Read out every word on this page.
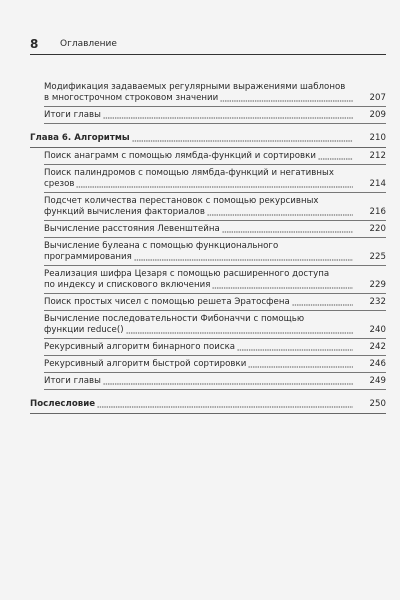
8 Оглавление
Модификация задаваемых регулярными выражениями шаблонов
в многострочном строковом значении	207
Итоги главы	209
Глава 6. Алгоритмы	210
Поиск анаграмм с помощью лямбда-функций и сортировки	212
Поиск палиндромов с помощью лямбда-функций и негативных
срезов	214
Подсчет количества перестановок с помощью рекурсивных
функций вычисления факториалов	216
Вычисление расстояния Левенштейна	220
Вычисление булеана с помощью функционального
программирования	225
Реализация шифра Цезаря с помощью расширенного доступа
по индексу и спискового включения	229
Поиск простых чисел с помощью решета Эратосфена	232
Вычисление последовательности Фибоначчи с помощью
функции reduce()	240
Рекурсивный алгоритм бинарного поиска	242
Рекурсивный алгоритм быстрой сортировки	246
Итоги главы	249
Послесловие	250
